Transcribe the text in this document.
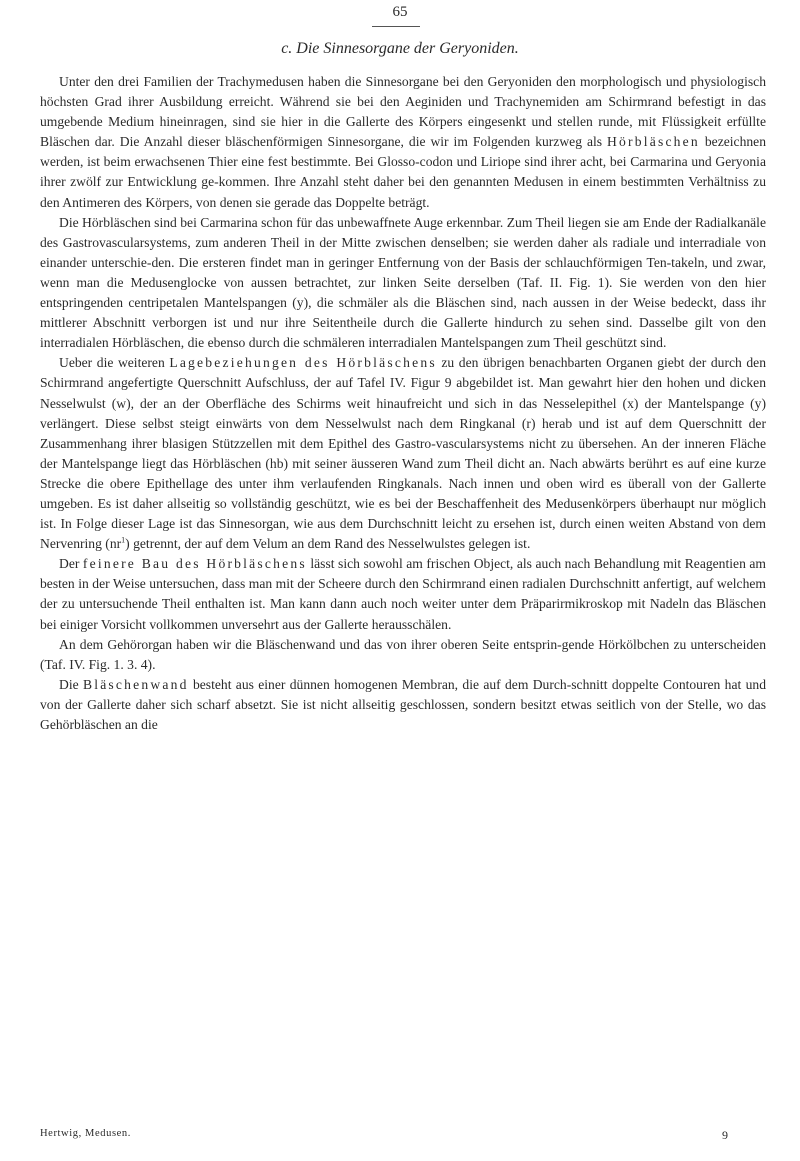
65
c. Die Sinnesorgane der Geryoniden.

Unter den drei Familien der Trachymedusen haben die Sinnesorgane bei den Geryoniden den morphologisch und physiologisch höchsten Grad ihrer Ausbildung erreicht. Während sie bei den Aeginiden und Trachynemiden am Schirmrand befestigt in das umgebende Medium hineinragen, sind sie hier in die Gallerte des Körpers eingesenkt und stellen runde, mit Flüssigkeit erfüllte Bläschen dar. Die Anzahl dieser bläschenförmigen Sinnesorgane, die wir im Folgenden kurzweg als Hörbläschen bezeichnen werden, ist beim erwachsenen Thier eine fest bestimmte. Bei Glosso-codon und Liriope sind ihrer acht, bei Carmarina und Geryonia ihrer zwölf zur Entwicklung ge-kommen. Ihre Anzahl steht daher bei den genannten Medusen in einem bestimmten Verhältniss zu den Antimeren des Körpers, von denen sie gerade das Doppelte beträgt.

Die Hörbläschen sind bei Carmarina schon für das unbewaffnete Auge erkennbar. Zum Theil liegen sie am Ende der Radialkanäle des Gastrovascularsystems, zum anderen Theil in der Mitte zwischen denselben; sie werden daher als radiale und interradiale von einander unterschie-den. Die ersteren findet man in geringer Entfernung von der Basis der schlauchförmigen Ten-takeln, und zwar, wenn man die Medusenglocke von aussen betrachtet, zur linken Seite derselben (Taf. II. Fig. 1). Sie werden von den hier entspringenden centripetalen Mantelspangen (y), die schmäler als die Bläschen sind, nach aussen in der Weise bedeckt, dass ihr mittlerer Abschnitt verborgen ist und nur ihre Seitentheile durch die Gallerte hindurch zu sehen sind. Dasselbe gilt von den interradialen Hörbläschen, die ebenso durch die schmäleren interradialen Mantelspangen zum Theil geschützt sind.

Ueber die weiteren Lagebeziehungen des Hörbläschens zu den übrigen benachbarten Organen giebt der durch den Schirmrand angefertigte Querschnitt Aufschluss, der auf Tafel IV. Figur 9 abgebildet ist. Man gewahrt hier den hohen und dicken Nesselwulst (w), der an der Oberfläche des Schirms weit hinaufreicht und sich in das Nesselepithel (x) der Mantelspange (y) verlängert. Diese selbst steigt einwärts von dem Nesselwulst nach dem Ringkanal (r) herab und ist auf dem Querschnitt der Zusammenhang ihrer blasigen Stützzellen mit dem Epithel des Gastro-vascularsystems nicht zu übersehen. An der inneren Fläche der Mantelspange liegt das Hörbläschen (hb) mit seiner äusseren Wand zum Theil dicht an. Nach abwärts berührt es auf eine kurze Strecke die obere Epithellage des unter ihm verlaufenden Ringkanals. Nach innen und oben wird es überall von der Gallerte umgeben. Es ist daher allseitig so vollständig geschützt, wie es bei der Beschaffenheit des Medusenkörpers überhaupt nur möglich ist. In Folge dieser Lage ist das Sinnesorgan, wie aus dem Durchschnitt leicht zu ersehen ist, durch einen weiten Abstand von dem Nervenring $(nr^1)$ getrennt, der auf dem Velum an dem Rand des Nesselwulstes gelegen ist.

Der feinere Bau des Hörbläschens lässt sich sowohl am frischen Object, als auch nach Behandlung mit Reagentien am besten in der Weise untersuchen, dass man mit der Scheere durch den Schirmrand einen radialen Durchschnitt anfertigt, auf welchem der zu untersuchende Theil enthalten ist. Man kann dann auch noch weiter unter dem Präparirmikroskop mit Nadeln das Bläschen bei einiger Vorsicht vollkommen unversehrt aus der Gallerte herausschälen.

An dem Gehörorgan haben wir die Bläschenwand und das von ihrer oberen Seite entsprin-gende Hörkölbchen zu unterscheiden (Taf. IV. Fig. 1. 3. 4).

Die Bläschenwand besteht aus einer dünnen homogenen Membran, die auf dem Durch-schnitt doppelte Contouren hat und von der Gallerte daher sich scharf absetzt. Sie ist nicht allseitig geschlossen, sondern besitzt etwas seitlich von der Stelle, wo das Gehörbläschen an die

Hertwig, Medusen.	9
